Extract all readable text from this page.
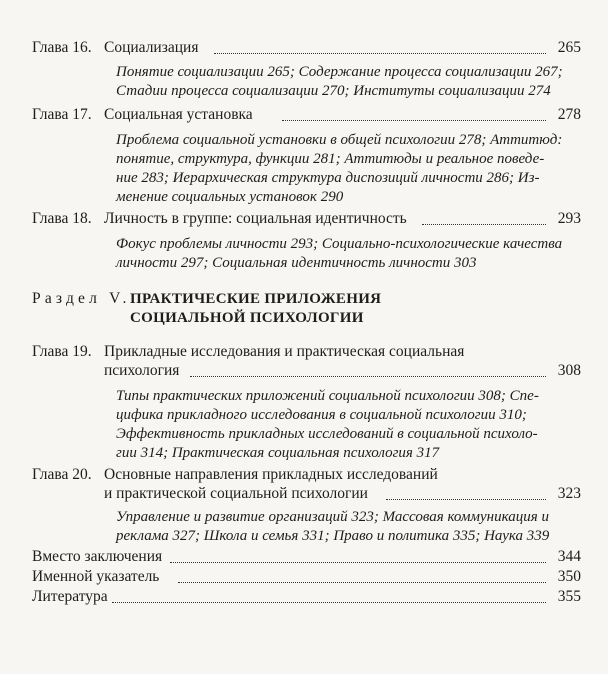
Глава 16. Социализация	265
Понятие социализации 265; Содержание процесса социализации 267;
Стадии процесса социализации 270; Институты социализации 274
Глава 17. Социальная установка	278
Проблема социальной установки в общей психологии 278; Аттитюд:
понятие, структура, функции 281; Аттитюды и реальное поведе-
ние 283; Иерархическая структура диспозиций личности 286; Из-
менение социальных установок 290
Глава 18. Личность в группе: социальная идентичность	293
Фокус проблемы личности 293; Социально-психологические качества
личности 297; Социальная идентичность личности 303
Раздел V. ПРАКТИЧЕСКИЕ ПРИЛОЖЕНИЯ
СОЦИАЛЬНОЙ ПСИХОЛОГИИ
Глава 19. Прикладные исследования и практическая социальная
психология	308
Типы практических приложений социальной психологии 308; Спе-
цифика прикладного исследования в социальной психологии 310;
Эффективность прикладных исследований в социальной психоло-
гии 314; Практическая социальная психология 317
Глава 20. Основные направления прикладных исследований
и практической социальной психологии	323
Управление и развитие организаций 323; Массовая коммуникация и
реклама 327; Школа и семья 331; Право и политика 335; Наука 339
Вместо заключения	344
Именной указатель	350
Литература	355
